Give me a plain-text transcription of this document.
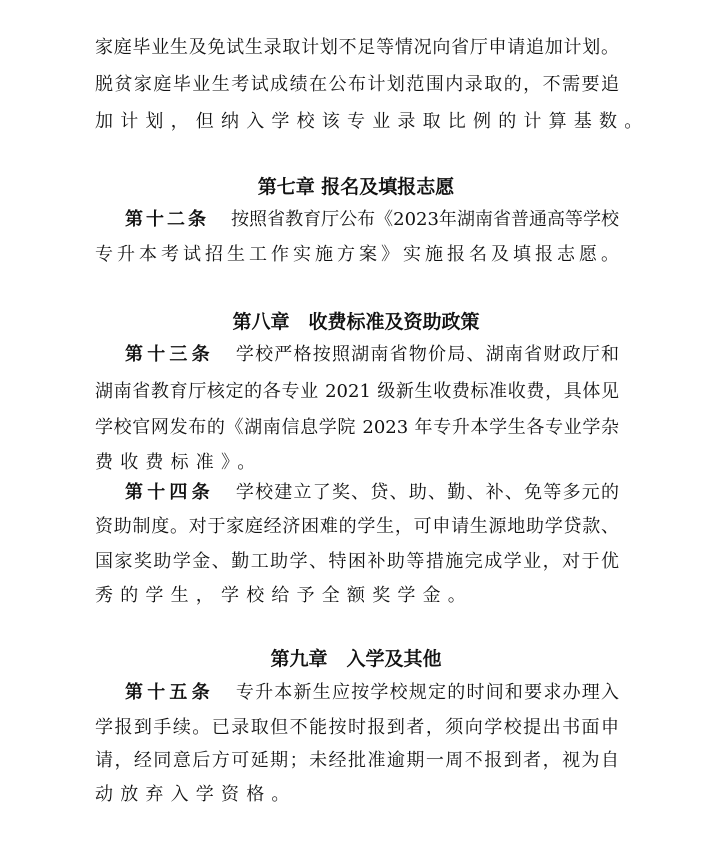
家庭毕业生及免试生录取计划不足等情况向省厅申请追加计划。
脱贫家庭毕业生考试成绩在公布计划范围内录取的，不需要追
加计划，但纳入学校该专业录取比例的计算基数。
第七章 报名及填报志愿
第十二条 按照省教育厅公布《2023年湖南省普通高等学校
专升本考试招生工作实施方案》实施报名及填报志愿。
第八章　收费标准及资助政策
第十三条 学校严格按照湖南省物价局、湖南省财政厅和
湖南省教育厅核定的各专业 2021 级新生收费标准收费，具体见
学校官网发布的《湖南信息学院 2023 年专升本学生各专业学杂
费收费标准》。
第十四条 学校建立了奖、贷、助、勤、补、免等多元的
资助制度。对于家庭经济困难的学生，可申请生源地助学贷款、
国家奖助学金、勤工助学、特困补助等措施完成学业，对于优
秀的学生，学校给予全额奖学金。
第九章　入学及其他
第十五条 专升本新生应按学校规定的时间和要求办理入
学报到手续。已录取但不能按时报到者，须向学校提出书面申
请，经同意后方可延期；未经批准逾期一周不报到者，视为自
动放弃入学资格。
